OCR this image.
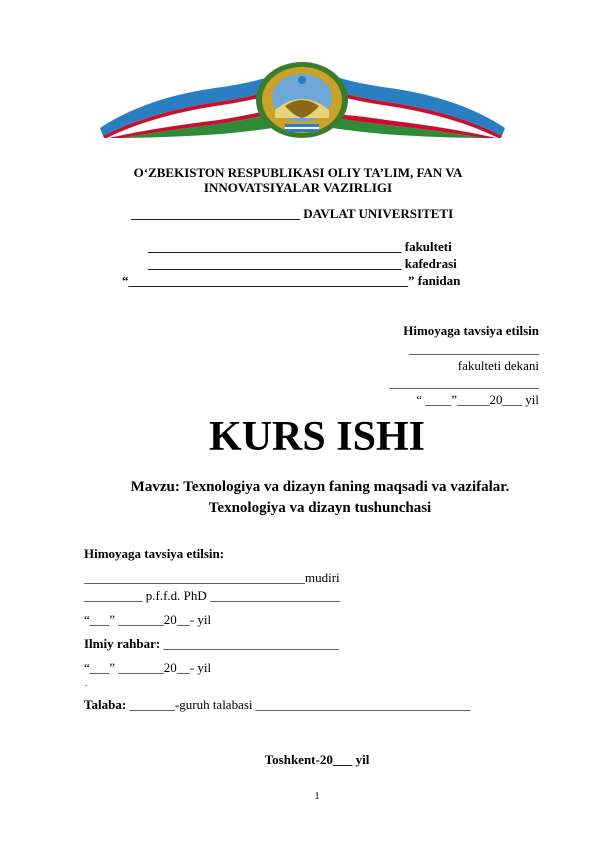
O‘ZBEKISTON RESPUBLIKASI OLIY TA’LIM, FAN VA
INNOVATSIYALAR VAZIRLIGI
__________________________ DAVLAT UNIVERSITETI
_______________________________________ fakulteti
_______________________________________ kafedrasi
“___________________________________________” fanidan
Himoyaga tavsiya etilsin
____________________
fakulteti dekani
_______________________
“ ____”_____20___ yil
KURS ISHI
Mavzu: Texnologiya va dizayn faning maqsadi va vazifalar.
Texnologiya va dizayn tushunchasi
Himoyaga tavsiya etilsin:
__________________________________mudiri
_________ p.f.f.d. PhD ____________________
“___” _______20__- yil
Ilmiy rahbar: ___________________________
“___” _______20__- yil
.
Talaba: _______-guruh talabasi _________________________________
Toshkent-20___ yil
1
